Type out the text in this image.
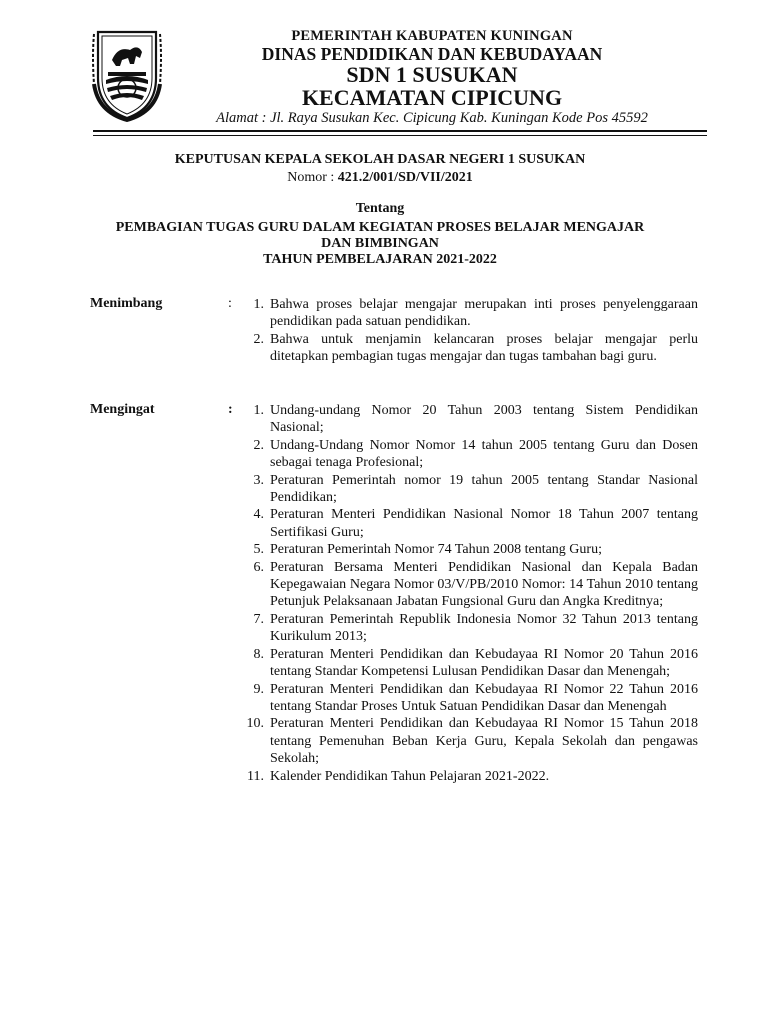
PEMERINTAH KABUPATEN KUNINGAN
DINAS PENDIDIKAN DAN KEBUDAYAAN
SDN 1 SUSUKAN
KECAMATAN CIPICUNG
Alamat : Jl. Raya Susukan Kec. Cipicung Kab. Kuningan Kode Pos 45592
KEPUTUSAN KEPALA SEKOLAH DASAR NEGERI 1 SUSUKAN
Nomor : 421.2/001/SD/VII/2021
Tentang
PEMBAGIAN TUGAS GURU DALAM KEGIATAN PROSES BELAJAR MENGAJAR
DAN BIMBINGAN
TAHUN PEMBELAJARAN 2021-2022
Menimbang	:	1. Bahwa proses belajar mengajar merupakan inti proses penyelenggaraan pendidikan pada satuan pendidikan.
2. Bahwa untuk menjamin kelancaran proses belajar mengajar perlu ditetapkan pembagian tugas mengajar dan tugas tambahan bagi guru.
Mengingat	:	1. Undang-undang Nomor 20 Tahun 2003 tentang Sistem Pendidikan Nasional;
2. Undang-Undang Nomor Nomor 14 tahun 2005 tentang Guru dan Dosen sebagai tenaga Profesional;
3. Peraturan Pemerintah nomor 19 tahun 2005 tentang Standar Nasional Pendidikan;
4. Peraturan Menteri Pendidikan Nasional Nomor 18 Tahun 2007 tentang Sertifikasi Guru;
5. Peraturan Pemerintah Nomor 74 Tahun 2008 tentang Guru;
6. Peraturan Bersama Menteri Pendidikan Nasional dan Kepala Badan Kepegawaian Negara Nomor 03/V/PB/2010 Nomor: 14 Tahun 2010 tentang Petunjuk Pelaksanaan Jabatan Fungsional Guru dan Angka Kreditnya;
7. Peraturan Pemerintah Republik Indonesia Nomor 32 Tahun 2013 tentang Kurikulum 2013;
8. Peraturan Menteri Pendidikan dan Kebudayaa RI Nomor 20 Tahun 2016 tentang Standar Kompetensi Lulusan Pendidikan Dasar dan Menengah;
9. Peraturan Menteri Pendidikan dan Kebudayaa RI Nomor 22 Tahun 2016 tentang Standar Proses Untuk Satuan Pendidikan Dasar dan Menengah
10. Peraturan Menteri Pendidikan dan Kebudayaa RI Nomor 15 Tahun 2018 tentang Pemenuhan Beban Kerja Guru, Kepala Sekolah dan pengawas Sekolah;
11. Kalender Pendidikan Tahun Pelajaran 2021-2022.
